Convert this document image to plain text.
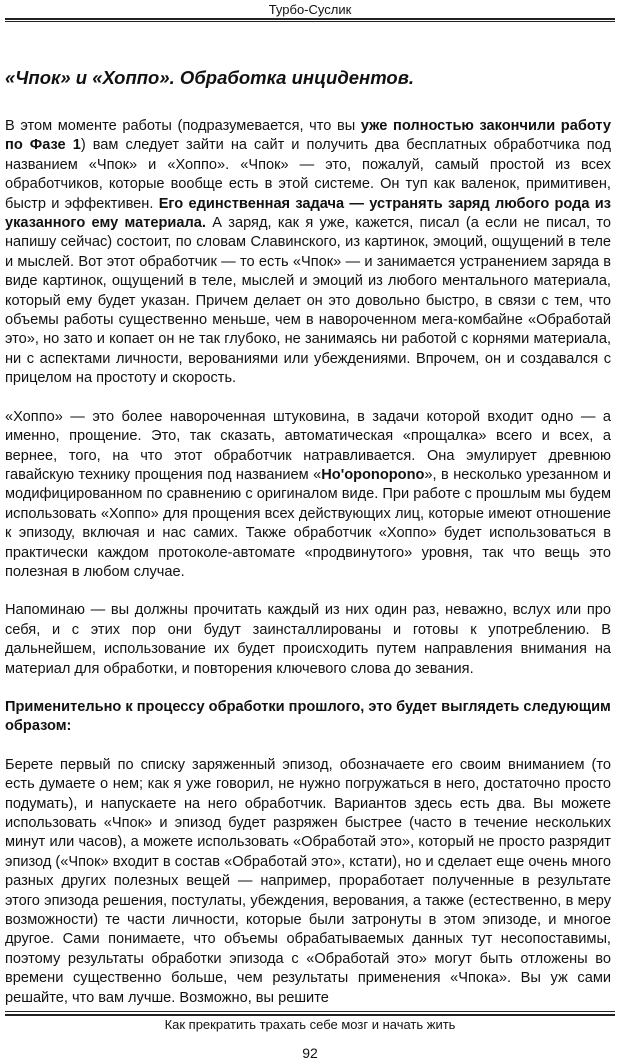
Турбо-Суслик
«Чпок» и «Хоппо». Обработка инцидентов.

В этом моменте работы (подразумевается, что вы уже полностью закончили работу по Фазе 1) вам следует зайти на сайт и получить два бесплатных обработчика под названием «Чпок» и «Хоппо». «Чпок» — это, пожалуй, самый простой из всех обработчиков, которые вообще есть в этой системе. Он туп как валенок, примитивен, быстр и эффективен. Его единственная задача — устранять заряд любого рода из указанного ему материала. А заряд, как я уже, кажется, писал (а если не писал, то напишу сейчас) состоит, по словам Славинского, из картинок, эмоций, ощущений в теле и мыслей. Вот этот обработчик — то есть «Чпок» — и занимается устранением заряда в виде картинок, ощущений в теле, мыслей и эмоций из любого ментального материала, который ему будет указан. Причем делает он это довольно быстро, в связи с тем, что объемы работы существенно меньше, чем в навороченном мега-комбайне «Обработай это», но зато и копает он не так глубоко, не занимаясь ни работой с корнями материала, ни с аспектами личности, верованиями или убеждениями. Впрочем, он и создавался с прицелом на простоту и скорость.

«Хоппо» — это более навороченная штуковина, в задачи которой входит одно — а именно, прощение. Это, так сказать, автоматическая «прощалка» всего и всех, а вернее, того, на что этот обработчик натравливается. Она эмулирует древнюю гавайскую технику прощения под названием «Ho'oponopono», в несколько урезанном и модифицированном по сравнению с оригиналом виде. При работе с прошлым мы будем использовать «Хоппо» для прощения всех действующих лиц, которые имеют отношение к эпизоду, включая и нас самих. Также обработчик «Хоппо» будет использоваться в практически каждом протоколе-автомате «продвинутого» уровня, так что вещь это полезная в любом случае.

Напоминаю — вы должны прочитать каждый из них один раз, неважно, вслух или про себя, и с этих пор они будут заинсталлированы и готовы к употреблению. В дальнейшем, использование их будет происходить путем направления внимания на материал для обработки, и повторения ключевого слова до зевания.

Применительно к процессу обработки прошлого, это будет выглядеть следующим образом:

Берете первый по списку заряженный эпизод, обозначаете его своим вниманием (то есть думаете о нем; как я уже говорил, не нужно погружаться в него, достаточно просто подумать), и напускаете на него обработчик. Вариантов здесь есть два. Вы можете использовать «Чпок» и эпизод будет разряжен быстрее (часто в течение нескольких минут или часов), а можете использовать «Обработай это», который не просто разрядит эпизод («Чпок» входит в состав «Обработай это», кстати), но и сделает еще очень много разных других полезных вещей — например, проработает полученные в результате этого эпизода решения, постулаты, убеждения, верования, а также (естественно, в меру возможности) те части личности, которые были затронуты в этом эпизоде, и многое другое. Сами понимаете, что объемы обрабатываемых данных тут несопоставимы, поэтому результаты обработки эпизода с «Обработай это» могут быть отложены во времени существенно больше, чем результаты применения «Чпока». Вы уж сами решайте, что вам лучше. Возможно, вы решите

Как прекратить трахать себе мозг и начать жить
92
